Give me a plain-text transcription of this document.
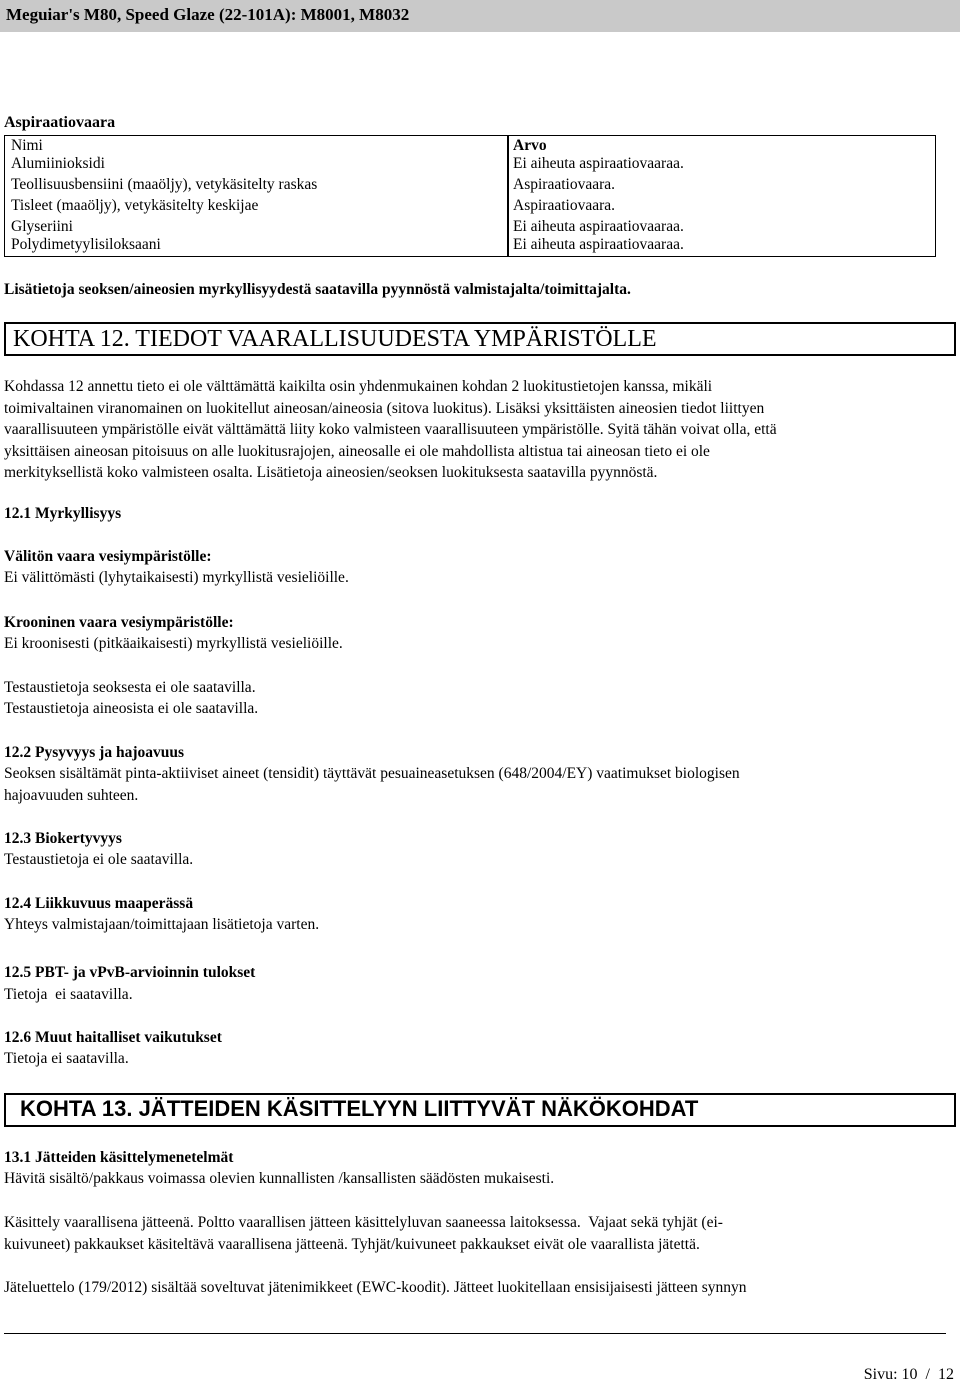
Meguiar's M80, Speed Glaze (22-101A): M8001, M8032
Aspiraatiovaara
Nimi	Arvo
Alumiinioksidi	Ei aiheuta aspiraatiovaaraa.
Teollisuusbensiini (maaöljy), vetykäsitelty raskas	Aspiraatiovaara.
Tisleet (maaöljy), vetykäsitelty keskijae	Aspiraatiovaara.
Glyseriini	Ei aiheuta aspiraatiovaaraa.
Polydimetyylisiloksaani	Ei aiheuta aspiraatiovaaraa.
Lisätietoja seoksen/aineosien myrkyllisyydestä saatavilla pyynnöstä valmistajalta/toimittajalta.
KOHTA 12. TIEDOT VAARALLISUUDESTA YMPÄRISTÖLLE
Kohdassa 12 annettu tieto ei ole välttämättä kaikilta osin yhdenmukainen kohdan 2 luokitustietojen kanssa, mikäli
toimivaltainen viranomainen on luokitellut aineosan/aineosia (sitova luokitus). Lisäksi yksittäisten aineosien tiedot liittyen
vaarallisuuteen ympäristölle eivät välttämättä liity koko valmisteen vaarallisuuteen ympäristölle. Syitä tähän voivat olla, että
yksittäisen aineosan pitoisuus on alle luokitusrajojen, aineosalle ei ole mahdollista altistua tai aineosan tieto ei ole
merkityksellistä koko valmisteen osalta. Lisätietoja aineosien/seoksen luokituksesta saatavilla pyynnöstä.
12.1 Myrkyllisyys
Välitön vaara vesiympäristölle:
Ei välittömästi (lyhytaikaisesti) myrkyllistä vesieliöille.
Krooninen vaara vesiympäristölle:
Ei kroonisesti (pitkäaikaisesti) myrkyllistä vesieliöille.
Testaustietoja seoksesta ei ole saatavilla.
Testaustietoja aineosista ei ole saatavilla.
12.2 Pysyvyys ja hajoavuus
Seoksen sisältämät pinta-aktiiviset aineet (tensidit) täyttävät pesuaineasetuksen (648/2004/EY) vaatimukset biologisen
hajoavuuden suhteen.
12.3 Biokertyvyys
Testaustietoja ei ole saatavilla.
12.4 Liikkuvuus maaperässä
Yhteys valmistajaan/toimittajaan lisätietoja varten.
12.5 PBT- ja vPvB-arvioinnin tulokset
Tietoja  ei saatavilla.
12.6 Muut haitalliset vaikutukset
Tietoja ei saatavilla.
KOHTA 13. JÄTTEIDEN KÄSITTELYYN LIITTYVÄT NÄKÖKOHDAT
13.1 Jätteiden käsittelymenetelmät
Hävitä sisältö/pakkaus voimassa olevien kunnallisten /kansallisten säädösten mukaisesti.
Käsittely vaarallisena jätteenä. Poltto vaarallisen jätteen käsittelyluvan saaneessa laitoksessa.  Vajaat sekä tyhjät (ei-
kuivuneet) pakkaukset käsiteltävä vaarallisena jätteenä. Tyhjät/kuivuneet pakkaukset eivät ole vaarallista jätettä.
Jäteluettelo (179/2012) sisältää soveltuvat jätenimikkeet (EWC-koodit). Jätteet luokitellaan ensisijaisesti jätteen synnyn
Sivu: 10  /  12
